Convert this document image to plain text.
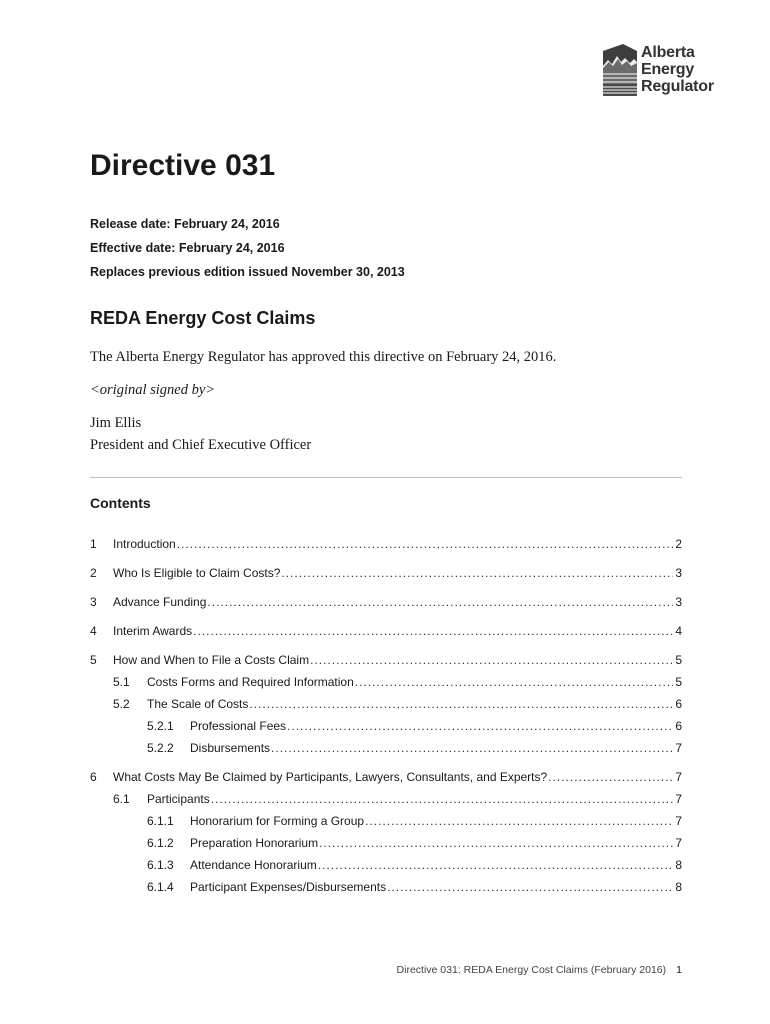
Alberta
Energy
Regulator
Directive 031
Release date: February 24, 2016
Effective date: February 24, 2016
Replaces previous edition issued November 30, 2013
REDA Energy Cost Claims
The Alberta Energy Regulator has approved this directive on February 24, 2016.
<original signed by>
Jim Ellis
President and Chief Executive Officer
Contents
1	Introduction .....	2
2	Who Is Eligible to Claim Costs? .....	3
3	Advance Funding .....	3
4	Interim Awards .....	4
5	How and When to File a Costs Claim .....	5
5.1	Costs Forms and Required Information .....	5
5.2	The Scale of Costs .....	6
5.2.1	Professional Fees .....	6
5.2.2	Disbursements .....	7
6	What Costs May Be Claimed by Participants, Lawyers, Consultants, and Experts? .....	7
6.1	Participants .....	7
6.1.1	Honorarium for Forming a Group .....	7
6.1.2	Preparation Honorarium .....	7
6.1.3	Attendance Honorarium .....	8
6.1.4	Participant Expenses/Disbursements .....	8
Directive 031: REDA Energy Cost Claims (February 2016) 1
